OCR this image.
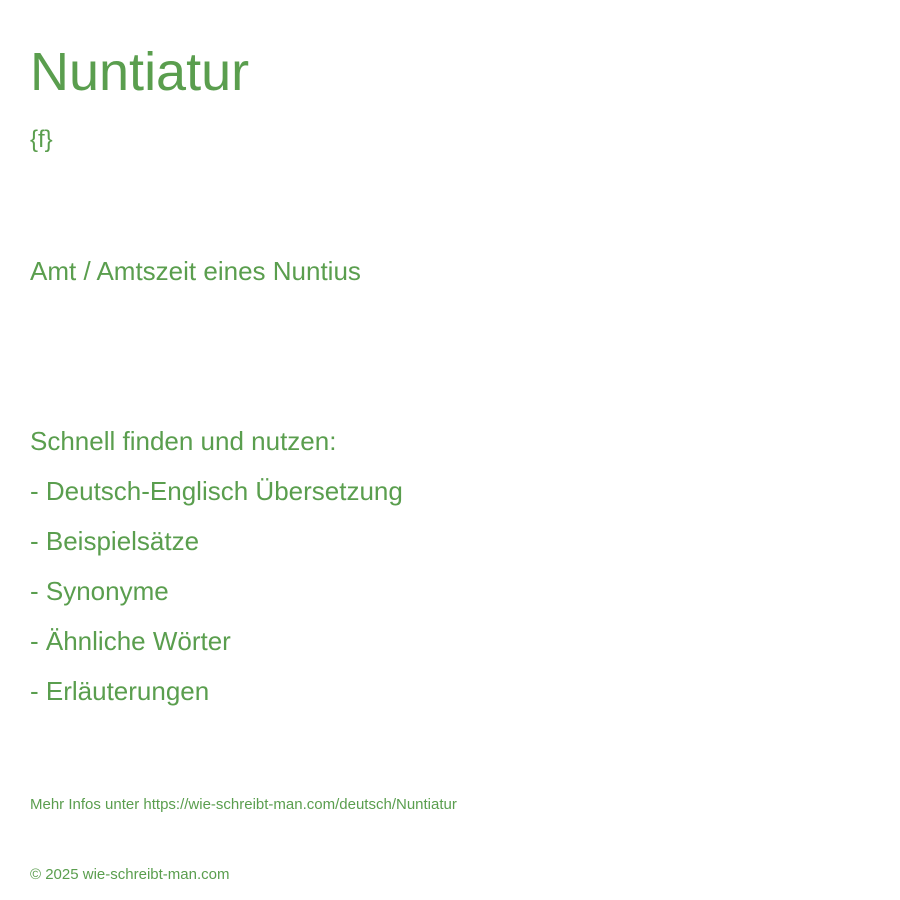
Nuntiatur
{f}
Amt / Amtszeit eines Nuntius
Schnell finden und nutzen:
- Deutsch-Englisch Übersetzung
- Beispielsätze
- Synonyme
- Ähnliche Wörter
- Erläuterungen
Mehr Infos unter https://wie-schreibt-man.com/deutsch/Nuntiatur
© 2025 wie-schreibt-man.com
